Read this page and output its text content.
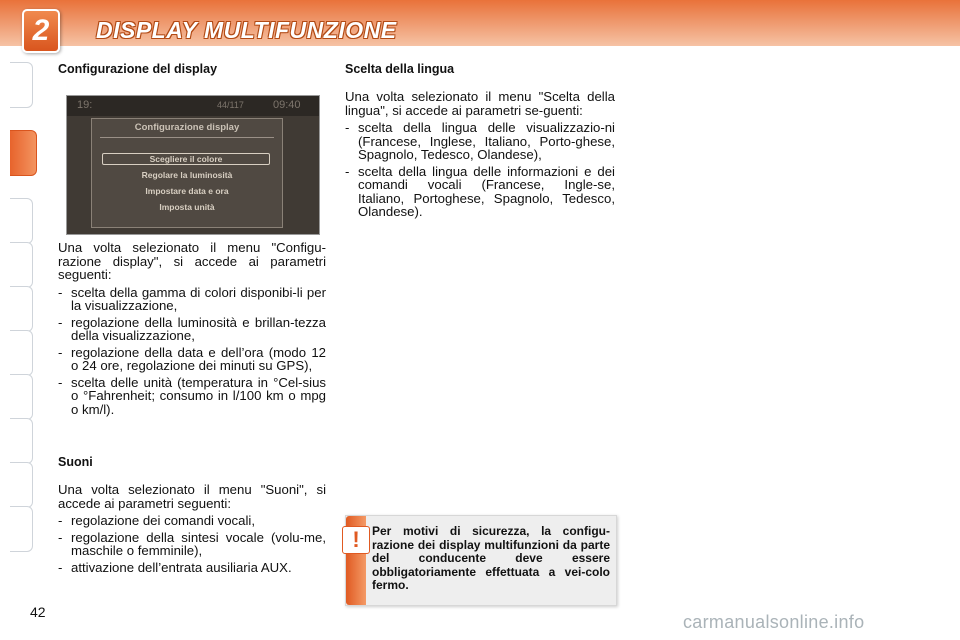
2	DISPLAY MULTIFUNZIONE
Configurazione del display
19:	44/117	09:40
Configurazione display
Scegliere il colore
Regolare la luminosità
Impostare data e ora
Imposta unità

Una volta selezionato il menu "Configu-razione display", si accede ai parametri seguenti:

- scelta della gamma di colori disponibi-li per la visualizzazione,
- regolazione della luminosità e brillan-tezza della visualizzazione,
- regolazione della data e dell’ora (modo 12 o 24 ore, regolazione dei minuti su GPS),
- scelta delle unità (temperatura in °Cel-sius o °Fahrenheit; consumo in l/100 km o mpg o km/l).
Suoni

Una volta selezionato il menu "Suoni", si accede ai parametri seguenti:

- regolazione dei comandi vocali,
- regolazione della sintesi vocale (volu-me, maschile o femminile),
- attivazione dell’entrata ausiliaria AUX.
Scelta della lingua

Una volta selezionato il menu "Scelta della lingua", si accede ai parametri se-guenti:

- scelta della lingua delle visualizzazio-ni (Francese, Inglese, Italiano, Porto-ghese, Spagnolo, Tedesco, Olandese),
- scelta della lingua delle informazioni e dei comandi vocali (Francese, Ingle-se, Italiano, Portoghese, Spagnolo, Tedesco, Olandese).
!	Per motivi di sicurezza, la configu-razione dei display multifunzioni da parte del conducente deve essere obbligatoriamente effettuata a vei-colo fermo.
42	carmanualsonline.info
